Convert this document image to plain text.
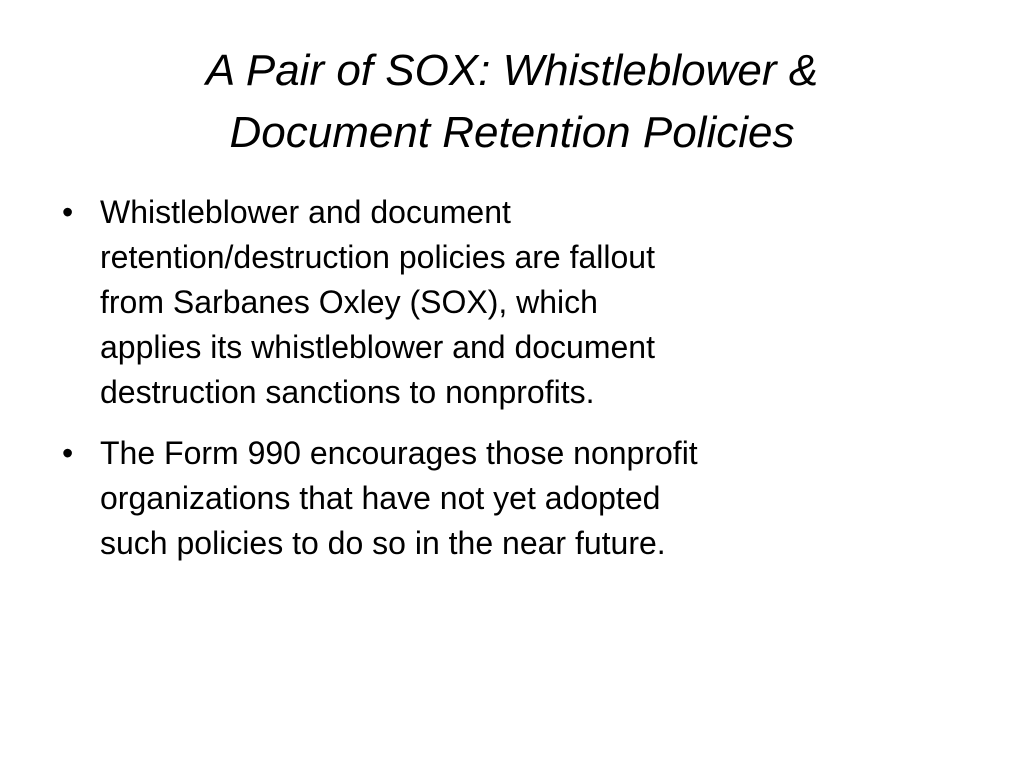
A Pair of SOX: Whistleblower &
Document Retention Policies
• Whistleblower and document
retention/destruction policies are fallout
from Sarbanes Oxley (SOX), which
applies its whistleblower and document
destruction sanctions to nonprofits.
• The Form 990 encourages those nonprofit
organizations that have not yet adopted
such policies to do so in the near future.
